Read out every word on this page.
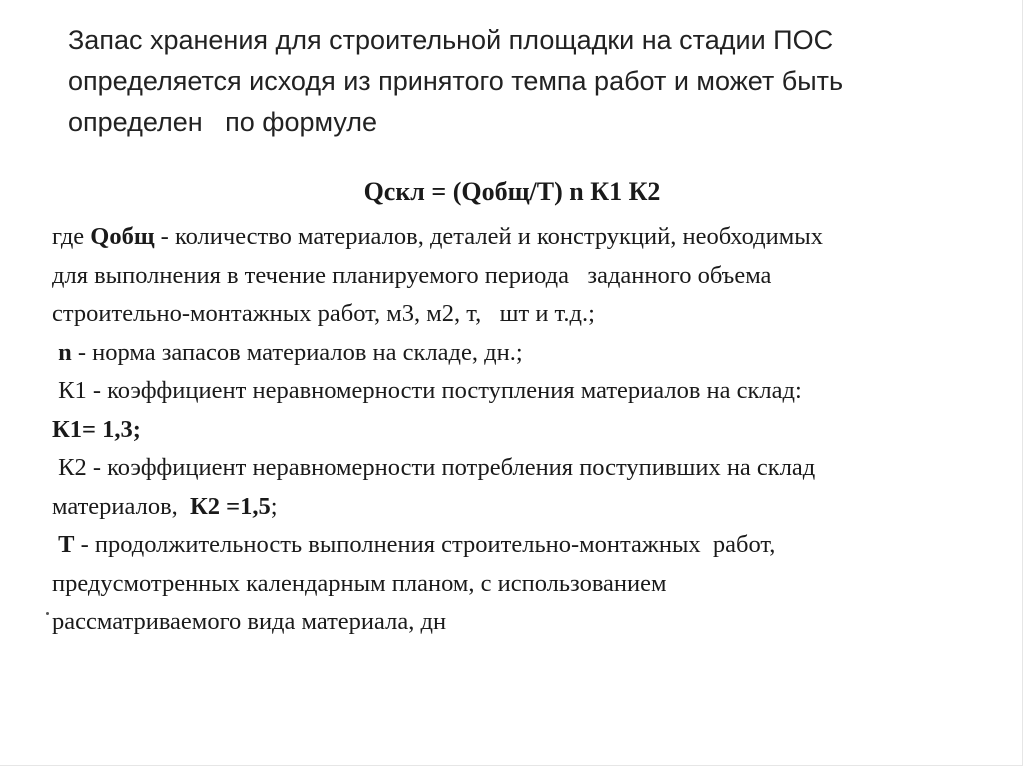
Запас хранения для строительной площадки на стадии ПОС
определяется исходя из принятого темпа работ и может быть
определен   по формуле
Qскл = (Qобщ/Т) n К1 К2
где Qобщ - количество материалов, деталей и конструкций, необходимых
для выполнения в течение планируемого периода   заданного объема
строительно-монтажных работ, м3, м2, т,   шт и т.д.;
n - норма запасов материалов на складе, дн.;
К1 - коэффициент неравномерности поступления материалов на склад:
К1= 1,3;
К2 - коэффициент неравномерности потребления поступивших на склад
материалов,  К2 =1,5;
Т - продолжительность выполнения строительно-монтажных  работ,
предусмотренных календарным планом, с использованием
рассматриваемого вида материала, дн
